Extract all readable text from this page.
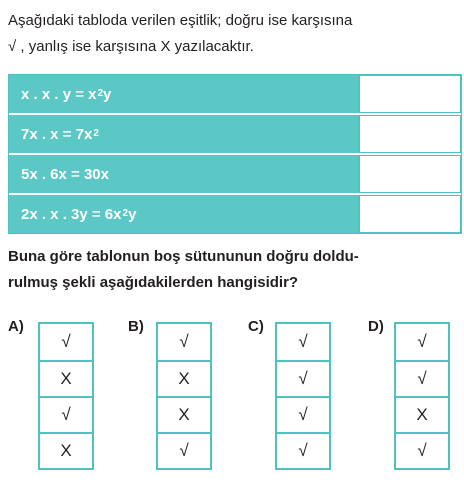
Aşağıdaki tabloda verilen eşitlik; doğru ise karşısına
√ , yanlış ise karşısına X yazılacaktır.
x . x . y = x 2 y
7x . x = 7x 2
5x . 6x = 30x
2x . x . 3y = 6x 2 y
Buna göre tablonun boş sütununun doğru doldu-
rulmuş şekli aşağıdakilerden hangisidir?
A)
√
X
√
X
B)
√
X
X
√
C)
√
√
√
√
D)
√
√
X
√
